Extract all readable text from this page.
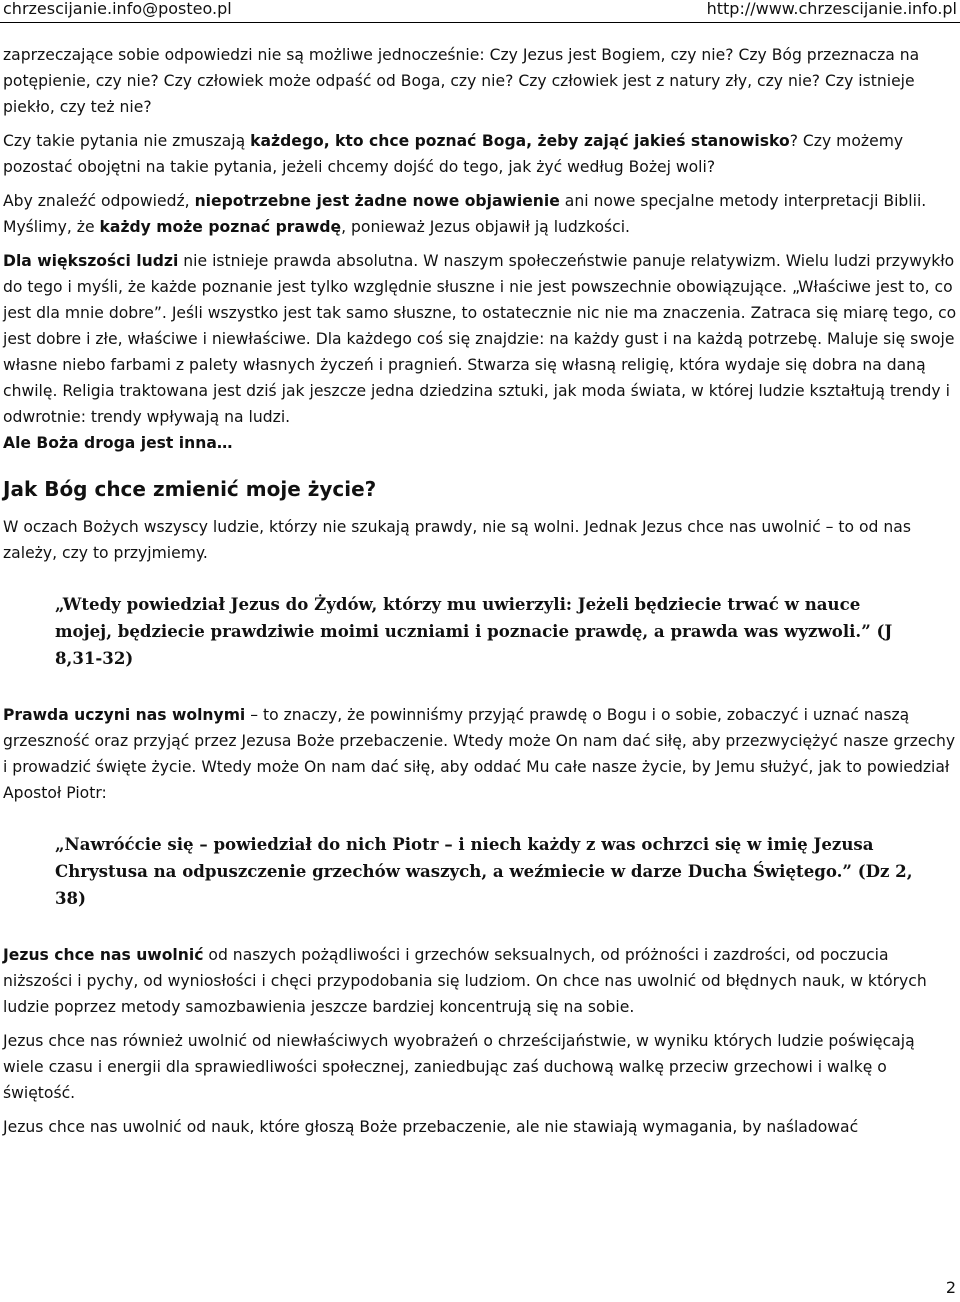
chrzescijanie.info@posteo.pl	http://www.chrzescijanie.info.pl

zaprzeczające sobie odpowiedzi nie są możliwe jednocześnie: Czy Jezus jest Bogiem, czy nie? Czy Bóg przeznacza na potępienie, czy nie? Czy człowiek może odpaść od Boga, czy nie? Czy człowiek jest z natury zły, czy nie? Czy istnieje piekło, czy też nie?

Czy takie pytania nie zmuszają każdego, kto chce poznać Boga, żeby zająć jakieś stanowisko? Czy możemy pozostać obojętni na takie pytania, jeżeli chcemy dojść do tego, jak żyć według Bożej woli?

Aby znaleźć odpowiedź, niepotrzebne jest żadne nowe objawienie ani nowe specjalne metody interpretacji Biblii. Myślimy, że każdy może poznać prawdę, ponieważ Jezus objawił ją ludzkości.

Dla większości ludzi nie istnieje prawda absolutna. W naszym społeczeństwie panuje relatywizm. Wielu ludzi przywykło do tego i myśli, że każde poznanie jest tylko względnie słuszne i nie jest powszechnie obowiązujące. „Właściwe jest to, co jest dla mnie dobre”. Jeśli wszystko jest tak samo słuszne, to ostatecznie nic nie ma znaczenia. Zatraca się miarę tego, co jest dobre i złe, właściwe i niewłaściwe. Dla każdego coś się znajdzie: na każdy gust i na każdą potrzebę. Maluje się swoje własne niebo farbami z palety własnych życzeń i pragnień. Stwarza się własną religię, która wydaje się dobra na daną chwilę. Religia traktowana jest dziś jak jeszcze jedna dziedzina sztuki, jak moda świata, w której ludzie kształtują trendy i odwrotnie: trendy wpływają na ludzi.
Ale Boża droga jest inna…

Jak Bóg chce zmienić moje życie?

W oczach Bożych wszyscy ludzie, którzy nie szukają prawdy, nie są wolni. Jednak Jezus chce nas uwolnić – to od nas zależy, czy to przyjmiemy.

„Wtedy powiedział Jezus do Żydów, którzy mu uwierzyli: Jeżeli będziecie trwać w nauce mojej, będziecie prawdziwie moimi uczniami i poznacie prawdę, a prawda was wyzwoli.” (J 8,31-32)

Prawda uczyni nas wolnymi – to znaczy, że powinniśmy przyjąć prawdę o Bogu i o sobie, zobaczyć i uznać naszą grzeszność oraz przyjąć przez Jezusa Boże przebaczenie. Wtedy może On nam dać siłę, aby przezwyciężyć nasze grzechy i prowadzić święte życie. Wtedy może On nam dać siłę, aby oddać Mu całe nasze życie, by Jemu służyć, jak to powiedział Apostoł Piotr:

„Nawróćcie się – powiedział do nich Piotr – i niech każdy z was ochrzci się w imię Jezusa Chrystusa na odpuszczenie grzechów waszych, a weźmiecie w darze Ducha Świętego.” (Dz 2, 38)

Jezus chce nas uwolnić od naszych pożądliwości i grzechów seksualnych, od próżności i zazdrości, od poczucia niższości i pychy, od wyniosłości i chęci przypodobania się ludziom. On chce nas uwolnić od błędnych nauk, w których ludzie poprzez metody samozbawienia jeszcze bardziej koncentrują się na sobie.

Jezus chce nas również uwolnić od niewłaściwych wyobrażeń o chrześcijaństwie, w wyniku których ludzie poświęcają wiele czasu i energii dla sprawiedliwości społecznej, zaniedbując zaś duchową walkę przeciw grzechowi i walkę o świętość.

Jezus chce nas uwolnić od nauk, które głoszą Boże przebaczenie, ale nie stawiają wymagania, by naśladować

2
